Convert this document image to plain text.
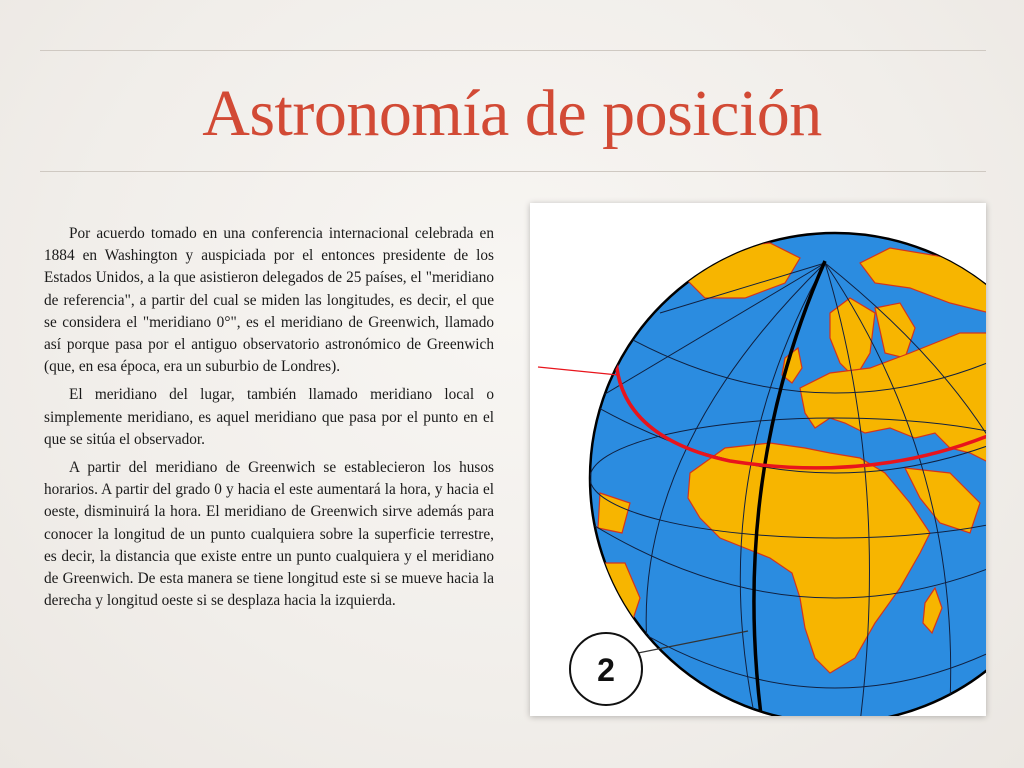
Astronomía de posición

Por acuerdo tomado en una conferencia internacional celebrada en 1884 en Washington y auspiciada por el entonces presidente de los Estados Unidos, a la que asistieron delegados de 25 países, el "meridiano de referencia", a partir del cual se miden las longitudes, es decir, el que se considera el "meridiano 0°", es el meridiano de Greenwich, llamado así porque pasa por el antiguo observatorio astronómico de Greenwich (que, en esa época, era un suburbio de Londres).

El meridiano del lugar, también llamado meridiano local o simplemente meridiano, es aquel meridiano que pasa por el punto en el que se sitúa el observador.

A partir del meridiano de Greenwich se establecieron los husos horarios. A partir del grado 0 y hacia el este aumentará la hora, y hacia el oeste, disminuirá la hora. El meridiano de Greenwich sirve además para conocer la longitud de un punto cualquiera sobre la superficie terrestre, es decir, la distancia que existe entre un punto cualquiera y el meridiano de Greenwich. De esta manera se tiene longitud este si se mueve hacia la derecha y longitud oeste si se desplaza hacia la izquierda.

2
